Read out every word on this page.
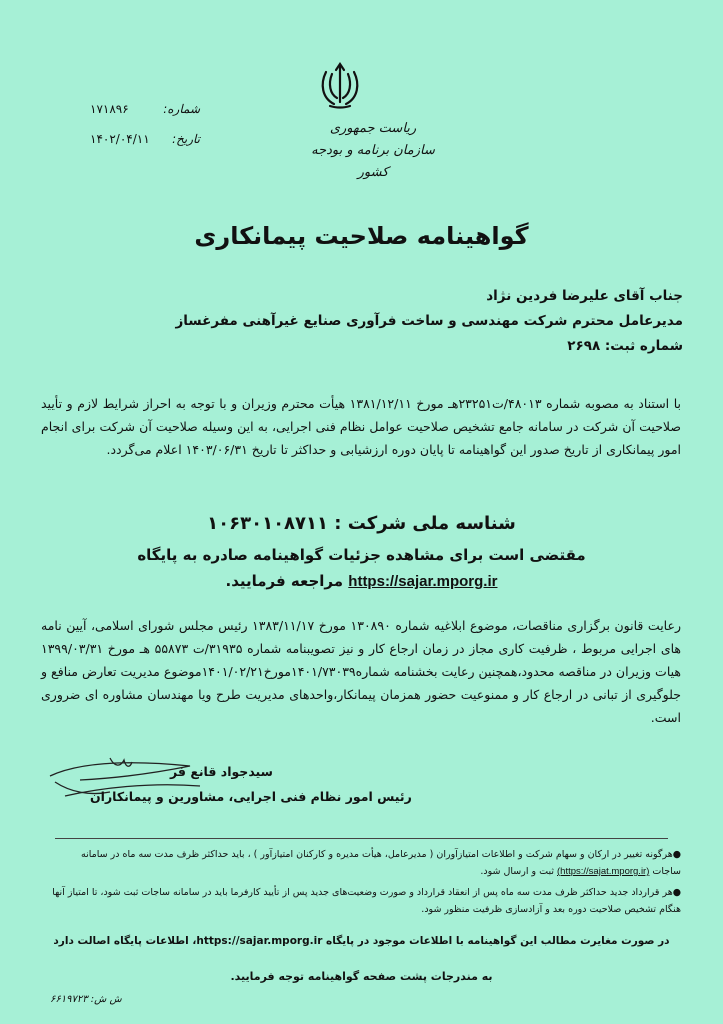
ریاست جمهوری
سازمان برنامه و بودجه کشور
شماره:
۱۷۱۸۹۶
تاریخ:
۱۴۰۲/۰۴/۱۱
گواهینامه صلاحیت پیمانکاری
جناب آقای علیرضا فردین نژاد
مدیرعامل محترم شرکت مهندسی و ساخت فرآوری صنایع غیرآهنی مفرغساز
شماره ثبت: ۲۶۹۸
با استناد به مصوبه شماره ۴۸۰۱۳/ت۲۳۲۵۱هـ مورخ ۱۳۸۱/۱۲/۱۱ هیأت محترم وزیران و با توجه به احراز شرایط لازم و تأیید صلاحیت آن شرکت در سامانه جامع تشخیص صلاحیت عوامل نظام فنی اجرایی، به این وسیله صلاحیت آن شرکت برای انجام امور پیمانکاری از تاریخ صدور این گواهینامه تا پایان دوره ارزشیابی و حداکثر تا تاریخ ۱۴۰۳/۰۶/۳۱ اعلام می‌گردد.
شناسه ملی شرکت : ۱۰۶۳۰۱۰۸۷۱۱
مقتضی است برای مشاهده جزئیات گواهینامه صادره به پایگاه
https://sajar.mporg.ir مراجعه فرمایید.
رعایت قانون برگزاری مناقصات، موضوع ابلاغیه شماره ۱۳۰۸۹۰ مورخ ۱۳۸۳/۱۱/۱۷ رئیس مجلس شورای اسلامی، آیین نامه های اجرایی مربوط ، ظرفیت کاری مجاز در زمان ارجاع کار و نیز تصویبنامه شماره ۳۱۹۳۵/ت ۵۵۸۷۳ هـ مورخ ۱۳۹۹/۰۳/۳۱ هیات وزیران در مناقصه محدود،همچنین رعایت بخشنامه شماره۱۴۰۱/۷۳۰۳۹مورخ۱۴۰۱/۰۲/۲۱موضوع مدیریت تعارض منافع و جلوگیری از تبانی در ارجاع کار و ممنوعیت حضور همزمان پیمانکار،واحدهای مدیریت طرح ویا مهندسان مشاوره ای ضروری است.
سیدجواد قانع فر
رئیس امور نظام فنی اجرایی، مشاورین و پیمانکاران
●هرگونه تغییر در ارکان و سهام شرکت و اطلاعات امتیازآوران ( مدیرعامل، هیأت مدیره و کارکنان امتیازآور ) ، باید حداکثر ظرف مدت سه ماه در سامانه ساجات (https://sajat.mporg.ir) ثبت و ارسال شود.
●هر قرارداد جدید حداکثر ظرف مدت سه ماه پس از انعقاد قرارداد و صورت وضعیت‌های جدید پس از تأیید کارفرما باید در سامانه ساجات ثبت شود، تا امتیاز آنها هنگام تشخیص صلاحیت دوره بعد و آزادسازی ظرفیت منظور شود.
در صورت مغایرت مطالب این گواهینامه با اطلاعات موجود در پایگاه https://sajar.mporg.ir، اطلاعات پایگاه اصالت دارد
به مندرجات پشت صفحه گواهینامه توجه فرمایید.
ش ش: ۶۶۱۹۷۲۳
